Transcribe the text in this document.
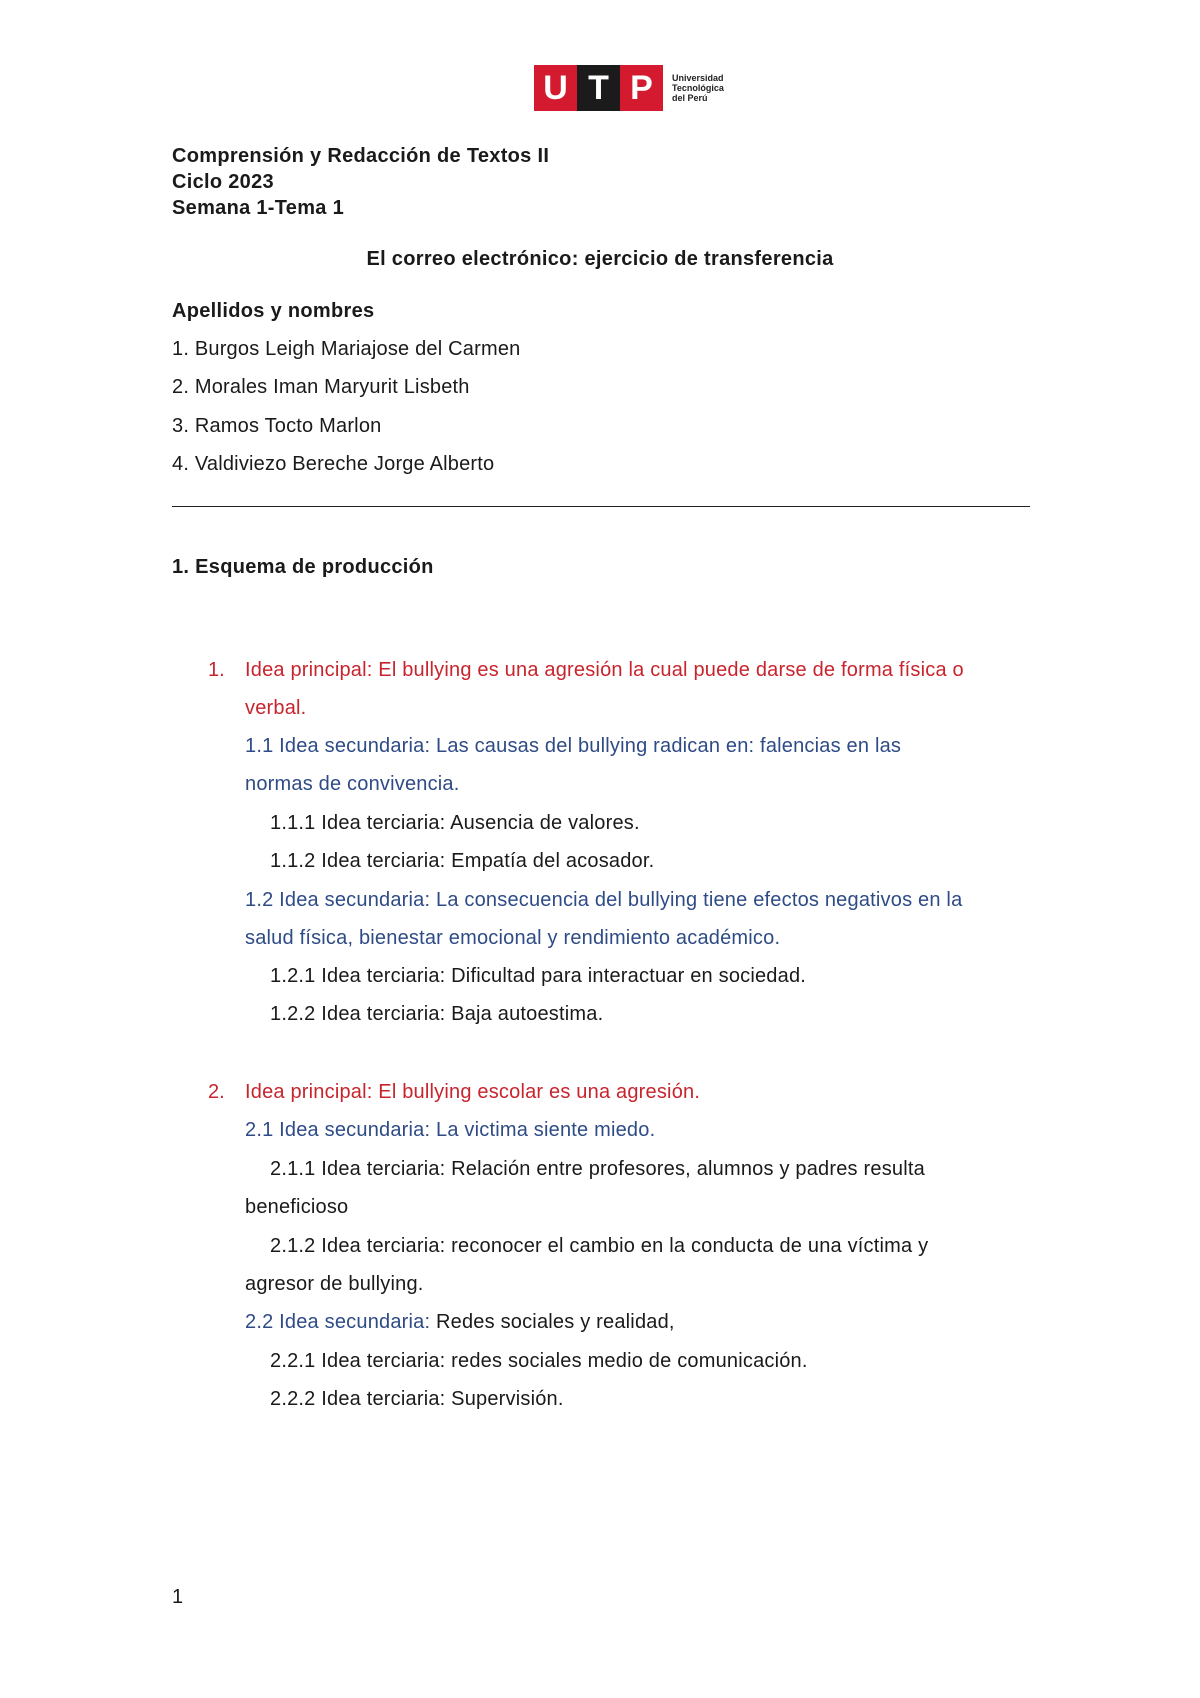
U T P	Universidad
Tecnológica
del Perú
Comprensión y Redacción de Textos II
Ciclo 2023
Semana 1-Tema 1
El correo electrónico: ejercicio de transferencia
Apellidos y nombres
1. Burgos Leigh Mariajose del Carmen
2. Morales Iman Maryurit Lisbeth
3. Ramos Tocto Marlon
4. Valdiviezo Bereche Jorge Alberto
1. Esquema de producción
1. Idea principal: El bullying es una agresión la cual puede darse de forma física o
verbal.
1.1 Idea secundaria: Las causas del bullying radican en: falencias en las
normas de convivencia.
1.1.1 Idea terciaria: Ausencia de valores.
1.1.2 Idea terciaria: Empatía del acosador.
1.2 Idea secundaria: La consecuencia del bullying tiene efectos negativos en la
salud física, bienestar emocional y rendimiento académico.
1.2.1 Idea terciaria: Dificultad para interactuar en sociedad.
1.2.2 Idea terciaria: Baja autoestima.
2. Idea principal: El bullying escolar es una agresión.
2.1 Idea secundaria: La victima siente miedo.
2.1.1 Idea terciaria: Relación entre profesores, alumnos y padres resulta
beneficioso
2.1.2 Idea terciaria: reconocer el cambio en la conducta de una víctima y
agresor de bullying.
2.2 Idea secundaria: Redes sociales y realidad,
2.2.1 Idea terciaria: redes sociales medio de comunicación.
2.2.2 Idea terciaria: Supervisión.
1
